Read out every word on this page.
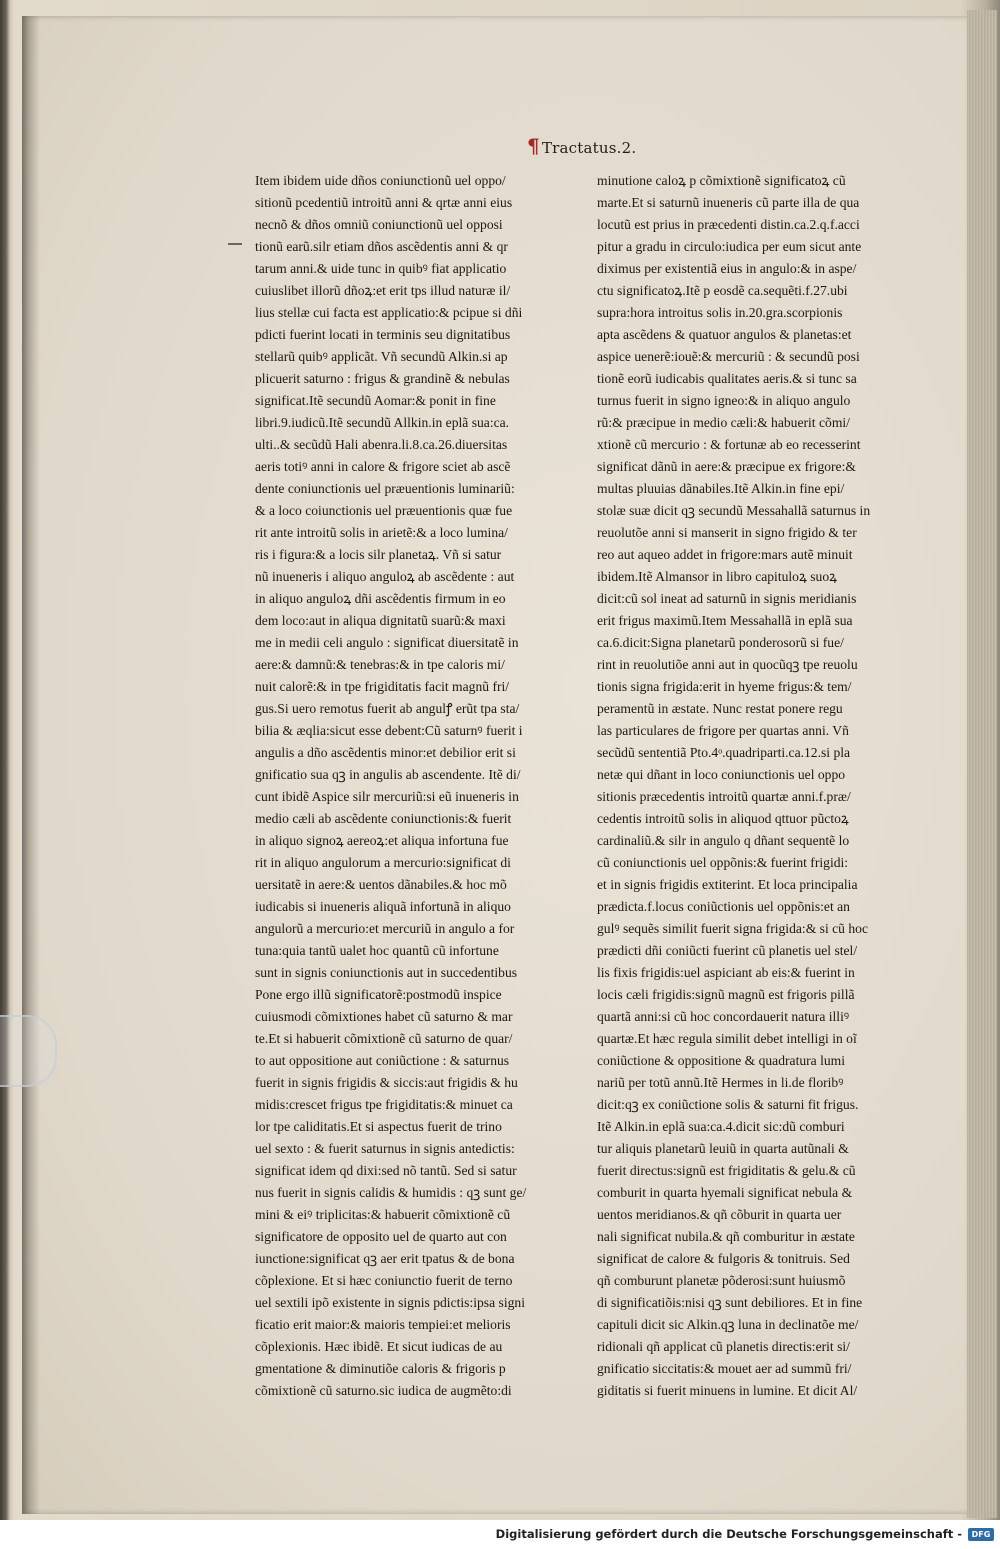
¶ Tractatus.2.
Item ibidem uide dños coniunctionũ uel oppo/
sitionũ pcedentiũ introitũ anni & qrtæ anni eius
necnõ & dños omniũ coniunctionũ uel opposi
tionũ earũ.silr etiam dños ascẽdentis anni & qr
tarum anni.& uide tunc in quibꝰ fiat applicatio
cuiuslibet illorũ dñoꝝ:et erit tps illud naturæ il/
lius stellæ cui facta est applicatio:& pcipue si dñi
pdicti fuerint locati in terminis seu dignitatibus
stellarũ quibꝰ applicãt. Vñ secundũ Alkin.si ap
plicuerit saturno : frigus & grandinẽ & nebulas
significat.Itẽ secundũ Aomar:& ponit in fine
libri.9.iudicũ.Itẽ secundũ Allkin.in eplã sua:ca.
ulti..& secũdũ Hali abenra.li.8.ca.26.diuersitas
aeris totiꝰ anni in calore & frigore sciet ab ascẽ
dente coniunctionis uel præuentionis luminariũ:
& a loco coiunctionis uel præuentionis quæ fue
rit ante introitũ solis in arietẽ:& a loco lumina/
ris i figura:& a locis silr planetaꝝ. Vñ si satur
nũ inueneris i aliquo anguloꝝ ab ascẽdente : aut
in aliquo anguloꝝ dñi ascẽdentis firmum in eo
dem loco:aut in aliqua dignitatũ suarũ:& maxi
me in medii celi angulo : significat diuersitatẽ in
aere:& damnũ:& tenebras:& in tpe caloris mi/
nuit calorẽ:& in tpe frigiditatis facit magnũ fri/
gus.Si uero remotus fuerit ab angulꝭ erũt tpa sta/
bilia & æqlia:sicut esse debent:Cũ saturnꝰ fuerit i
angulis a dño ascẽdentis minor:et debilior erit si
gnificatio sua qꝫ in angulis ab ascendente. Itẽ di/
cunt ibidẽ Aspice silr mercuriũ:si eũ inueneris in
medio cæli ab ascẽdente coniunctionis:& fuerit
in aliquo signoꝝ aereoꝝ:et aliqua infortuna fue
rit in aliquo angulorum a mercurio:significat di
uersitatẽ in aere:& uentos dãnabiles.& hoc mõ
iudicabis si inueneris aliquã infortunã in aliquo
angulorũ a mercurio:et mercuriũ in angulo a for
tuna:quia tantũ ualet hoc quantũ cũ infortune
sunt in signis coniunctionis aut in succedentibus
Pone ergo illũ significatorẽ:postmodũ inspice
cuiusmodi cõmixtiones habet cũ saturno & mar
te.Et si habuerit cõmixtionẽ cũ saturno de quar/
to aut oppositione aut coniũctione : & saturnus
fuerit in signis frigidis & siccis:aut frigidis & hu
midis:crescet frigus tpe frigiditatis:& minuet ca
lor tpe caliditatis.Et si aspectus fuerit de trino
uel sexto : & fuerit saturnus in signis antedictis:
significat idem qd dixi:sed nõ tantũ. Sed si satur
nus fuerit in signis calidis & humidis : qꝫ sunt ge/
mini & eiꝰ triplicitas:& habuerit cõmixtionẽ cũ
significatore de opposito uel de quarto aut con
iunctione:significat qꝫ aer erit tpatus & de bona
cõplexione. Et si hæc coniunctio fuerit de terno
uel sextili ipõ existente in signis pdictis:ipsa signi
ficatio erit maior:& maioris tempiei:et melioris
cõplexionis. Hæc ibidẽ. Et sicut iudicas de au
gmentatione & diminutiõe caloris & frigoris p
cõmixtionẽ cũ saturno.sic iudica de augmẽto:di
minutione caloꝝ p cõmixtionẽ significatoꝝ cũ
marte.Et si saturnũ inueneris cũ parte illa de qua
locutũ est prius in præcedenti distin.ca.2.q.f.acci
pitur a gradu in circulo:iudica per eum sicut ante
diximus per existentiã eius in angulo:& in aspe/
ctu significatoꝝ.Itẽ p eosdẽ ca.sequẽti.f.27.ubi
supra:hora introitus solis in.20.gra.scorpionis
apta ascẽdens & quatuor angulos & planetas:et
aspice uenerẽ:iouẽ:& mercuriũ : & secundũ posi
tionẽ eorũ iudicabis qualitates aeris.& si tunc sa
turnus fuerit in signo igneo:& in aliquo angulo
rũ:& præcipue in medio cæli:& habuerit cõmi/
xtionẽ cũ mercurio : & fortunæ ab eo recesserint
significat dãnũ in aere:& præcipue ex frigore:&
multas pluuias dãnabiles.Itẽ Alkin.in fine epi/
stolæ suæ dicit qꝫ secundũ Messahallã saturnus in
reuolutõe anni si manserit in signo frigido & ter
reo aut aqueo addet in frigore:mars autẽ minuit
ibidem.Itẽ Almansor in libro capituloꝝ suoꝝ
dicit:cũ sol ineat ad saturnũ in signis meridianis
erit frigus maximũ.Item Messahallã in eplã sua
ca.6.dicit:Signa planetarũ ponderosorũ si fue/
rint in reuolutiõe anni aut in quocũqꝫ tpe reuolu
tionis signa frigida:erit in hyeme frigus:& tem/
peramentũ in æstate. Nunc restat ponere regu
las particulares de frigore per quartas anni. Vñ
secũdũ sententiã Pto.4ᵒ.quadriparti.ca.12.si pla
netæ qui dñant in loco coniunctionis uel oppo
sitionis præcedentis introitũ quartæ anni.f.præ/
cedentis introitũ solis in aliquod qttuor pũctoꝝ
cardinaliũ.& silr in angulo q dñant sequentẽ lo
cũ coniunctionis uel oppõnis:& fuerint frigidi:
et in signis frigidis extiterint. Et loca principalia
prædicta.f.locus coniũctionis uel oppõnis:et an
gulꝰ sequẽs similit fuerit signa frigida:& si cũ hoc
prædicti dñi coniũcti fuerint cũ planetis uel stel/
lis fixis frigidis:uel aspiciant ab eis:& fuerint in
locis cæli frigidis:signũ magnũ est frigoris pillã
quartã anni:si cũ hoc concordauerit natura illiꝰ
quartæ.Et hæc regula similit debet intelligi in oĩ
coniũctione & oppositione & quadratura lumi
nariũ per totũ annũ.Itẽ Hermes in li.de floribꝰ
dicit:qꝫ ex coniũctione solis & saturni fit frigus.
Itẽ Alkin.in eplã sua:ca.4.dicit sic:dũ comburi
tur aliquis planetarũ leuiũ in quarta autũnali &
fuerit directus:signũ est frigiditatis & gelu.& cũ
comburit in quarta hyemali significat nebula &
uentos meridianos.& qñ cõburit in quarta uer
nali significat nubila.& qñ comburitur in æstate
significat de calore & fulgoris & tonitruis. Sed
qñ comburunt planetæ põderosi:sunt huiusmõ
di significatiõis:nisi qꝫ sunt debiliores. Et in fine
capituli dicit sic Alkin.qꝫ luna in declinatõe me/
ridionali qñ applicat cũ planetis directis:erit si/
gnificatio siccitatis:& mouet aer ad summũ fri/
giditatis si fuerit minuens in lumine. Et dicit Al/
Digitalisierung gefördert durch die Deutsche Forschungsgemeinschaft -	DFG
